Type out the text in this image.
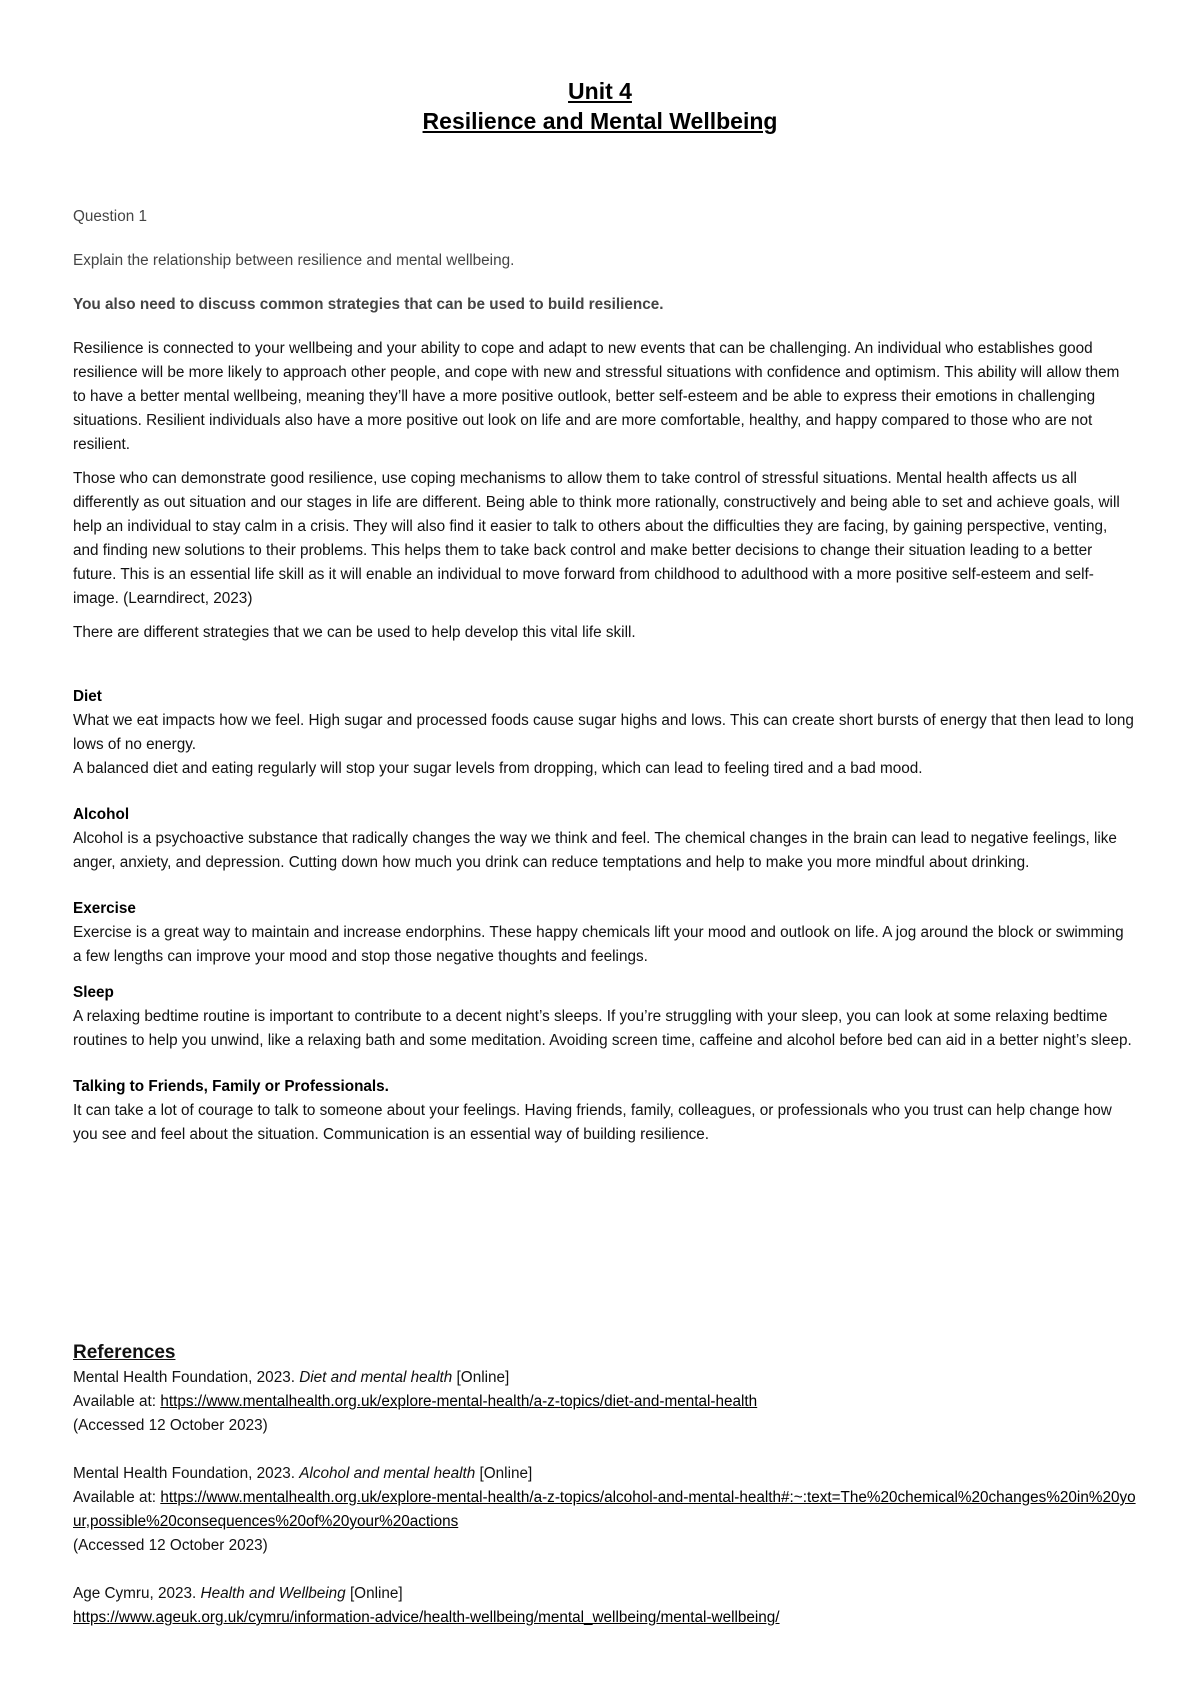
Unit 4
Resilience and Mental Wellbeing

Question 1

Explain the relationship between resilience and mental wellbeing.

You also need to discuss common strategies that can be used to build resilience.

Resilience is connected to your wellbeing and your ability to cope and adapt to new events that can be challenging. An individual who establishes good resilience will be more likely to approach other people, and cope with new and stressful situations with confidence and optimism. This ability will allow them to have a better mental wellbeing, meaning they’ll have a more positive outlook, better self-esteem and be able to express their emotions in challenging situations. Resilient individuals also have a more positive out look on life and are more comfortable, healthy, and happy compared to those who are not resilient.

Those who can demonstrate good resilience, use coping mechanisms to allow them to take control of stressful situations. Mental health affects us all differently as out situation and our stages in life are different. Being able to think more rationally, constructively and being able to set and achieve goals, will help an individual to stay calm in a crisis. They will also find it easier to talk to others about the difficulties they are facing, by gaining perspective, venting, and finding new solutions to their problems. This helps them to take back control and make better decisions to change their situation leading to a better future. This is an essential life skill as it will enable an individual to move forward from childhood to adulthood with a more positive self-esteem and self-image. (Learndirect, 2023)

There are different strategies that we can be used to help develop this vital life skill.

Diet

What we eat impacts how we feel. High sugar and processed foods cause sugar highs and lows. This can create short bursts of energy that then lead to long lows of no energy.

A balanced diet and eating regularly will stop your sugar levels from dropping, which can lead to feeling tired and a bad mood.

Alcohol

Alcohol is a psychoactive substance that radically changes the way we think and feel. The chemical changes in the brain can lead to negative feelings, like anger, anxiety, and depression. Cutting down how much you drink can reduce temptations and help to make you more mindful about drinking.

Exercise

Exercise is a great way to maintain and increase endorphins. These happy chemicals lift your mood and outlook on life. A jog around the block or swimming a few lengths can improve your mood and stop those negative thoughts and feelings.

Sleep

A relaxing bedtime routine is important to contribute to a decent night’s sleeps. If you’re struggling with your sleep, you can look at some relaxing bedtime routines to help you unwind, like a relaxing bath and some meditation. Avoiding screen time, caffeine and alcohol before bed can aid in a better night’s sleep.

Talking to Friends, Family or Professionals.

It can take a lot of courage to talk to someone about your feelings. Having friends, family, colleagues, or professionals who you trust can help change how you see and feel about the situation. Communication is an essential way of building resilience.

References
Mental Health Foundation, 2023. Diet and mental health [Online]
Available at: https://www.mentalhealth.org.uk/explore-mental-health/a-z-topics/diet-and-mental-health
(Accessed 12 October 2023)
Mental Health Foundation, 2023. Alcohol and mental health [Online]
Available at: https://www.mentalhealth.org.uk/explore-mental-health/a-z-topics/alcohol-and-mental-health#:~:text=The%20chemical%20changes%20in%20your,possible%20consequences%20of%20your%20actions
(Accessed 12 October 2023)
Age Cymru, 2023. Health and Wellbeing [Online]
https://www.ageuk.org.uk/cymru/information-advice/health-wellbeing/mental_wellbeing/mental-wellbeing/
